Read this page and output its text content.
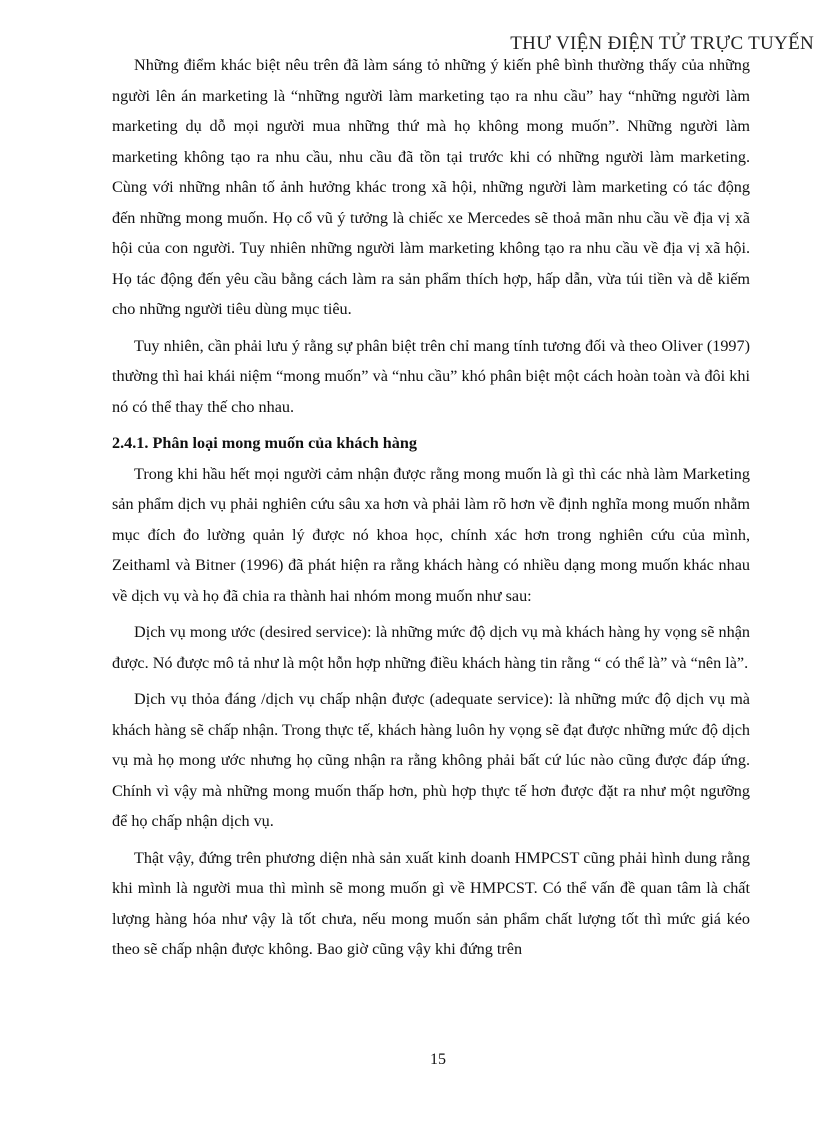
THƯ VIỆN ĐIỆN TỬ TRỰC TUYẾN

Những điểm khác biệt nêu trên đã làm sáng tỏ những ý kiến phê bình thường thấy của những người lên án marketing là “những người làm marketing tạo ra nhu cầu” hay “những người làm marketing dụ dỗ mọi người mua những thứ mà họ không mong muốn”. Những người làm marketing không tạo ra nhu cầu, nhu cầu đã tồn tại trước khi có những người làm marketing. Cùng với những nhân tố ảnh hưởng khác trong xã hội, những người làm marketing có tác động đến những mong muốn. Họ cổ vũ ý tưởng là chiếc xe Mercedes sẽ thoả mãn nhu cầu về địa vị xã hội của con người. Tuy nhiên những người làm marketing không tạo ra nhu cầu về địa vị xã hội. Họ tác động đến yêu cầu bằng cách làm ra sản phẩm thích hợp, hấp dẫn, vừa túi tiền và dễ kiếm cho những người tiêu dùng mục tiêu.

Tuy nhiên, cần phải lưu ý rằng sự phân biệt trên chỉ mang tính tương đối và theo Oliver (1997) thường thì hai khái niệm “mong muốn” và “nhu cầu” khó phân biệt một cách hoàn toàn và đôi khi nó có thể thay thế cho nhau.

2.4.1. Phân loại mong muốn của khách hàng

Trong khi hầu hết mọi người cảm nhận được rằng mong muốn là gì thì các nhà làm Marketing sản phẩm dịch vụ phải nghiên cứu sâu xa hơn và phải làm rõ hơn về định nghĩa mong muốn nhằm mục đích đo lường quản lý được nó khoa học, chính xác hơn trong nghiên cứu của mình, Zeithaml và Bitner (1996) đã phát hiện ra rằng khách hàng có nhiều dạng mong muốn khác nhau về dịch vụ và họ đã chia ra thành hai nhóm mong muốn như sau:

Dịch vụ mong ước (desired service): là những mức độ dịch vụ mà khách hàng hy vọng sẽ nhận được. Nó được mô tả như là một hỗn hợp những điều khách hàng tin rằng “ có thể là” và “nên là”.

Dịch vụ thỏa đáng /dịch vụ chấp nhận được (adequate service): là những mức độ dịch vụ mà khách hàng sẽ chấp nhận. Trong thực tế, khách hàng luôn hy vọng sẽ đạt được những mức độ dịch vụ mà họ mong ước nhưng họ cũng nhận ra rằng không phải bất cứ lúc nào cũng được đáp ứng. Chính vì vậy mà những mong muốn thấp hơn, phù hợp thực tế hơn được đặt ra như một ngưỡng để họ chấp nhận dịch vụ.

Thật vậy, đứng trên phương diện nhà sản xuất kinh doanh HMPCST cũng phải hình dung rằng khi mình là người mua thì mình sẽ mong muốn gì về HMPCST. Có thể vấn đề quan tâm là chất lượng hàng hóa như vậy là tốt chưa, nếu mong muốn sản phẩm chất lượng tốt thì mức giá kéo theo sẽ chấp nhận được không. Bao giờ cũng vậy khi đứng trên

15
